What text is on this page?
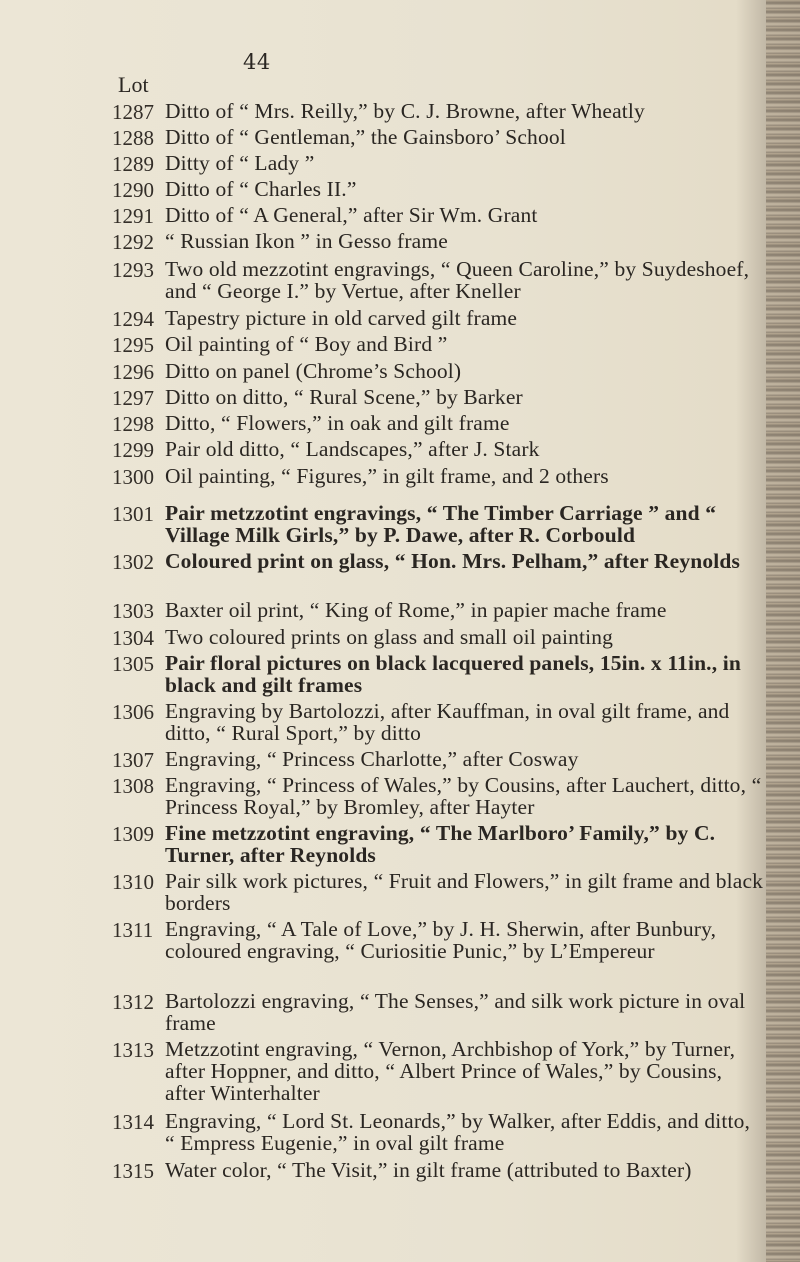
44
Lot
1287 Ditto of “ Mrs. Reilly,” by C. J. Browne, after Wheatly
1288 Ditto of “ Gentleman,” the Gainsboro’ School
1289 Ditty of “ Lady ”
1290 Ditto of “ Charles II.”
1291 Ditto of “ A General,” after Sir Wm. Grant
1292 “ Russian Ikon ” in Gesso frame
1293 Two old mezzotint engravings, “ Queen Caroline,” by Suydeshoef, and “ George I.” by Vertue, after Kneller
1294 Tapestry picture in old carved gilt frame
1295 Oil painting of “ Boy and Bird ”
1296 Ditto on panel (Chrome’s School)
1297 Ditto on ditto, “ Rural Scene,” by Barker
1298 Ditto, “ Flowers,” in oak and gilt frame
1299 Pair old ditto, “ Landscapes,” after J. Stark
1300 Oil painting, “ Figures,” in gilt frame, and 2 others
1301 Pair metzzotint engravings, “ The Timber Carriage ” and “ Village Milk Girls,” by P. Dawe, after R. Corbould
1302 Coloured print on glass, “ Hon. Mrs. Pelham,” after Reynolds
1303 Baxter oil print, “ King of Rome,” in papier mache frame
1304 Two coloured prints on glass and small oil painting
1305 Pair floral pictures on black lacquered panels, 15in. x 11in., in black and gilt frames
1306 Engraving by Bartolozzi, after Kauffman, in oval gilt frame, and ditto, “ Rural Sport,” by ditto
1307 Engraving, “ Princess Charlotte,” after Cosway
1308 Engraving, “ Princess of Wales,” by Cousins, after Lauchert, ditto, “ Princess Royal,” by Bromley, after Hayter
1309 Fine metzzotint engraving, “ The Marlboro’ Family,” by C. Turner, after Reynolds
1310 Pair silk work pictures, “ Fruit and Flowers,” in gilt frame and black borders
1311 Engraving, “ A Tale of Love,” by J. H. Sherwin, after Bunbury, coloured engraving, “ Curiositie Punic,” by L’Empereur
1312 Bartolozzi engraving, “ The Senses,” and silk work picture in oval frame
1313 Metzzotint engraving, “ Vernon, Archbishop of York,” by Turner, after Hoppner, and ditto, “ Albert Prince of Wales,” by Cousins, after Winterhalter
1314 Engraving, “ Lord St. Leonards,” by Walker, after Eddis, and ditto, “ Empress Eugenie,” in oval gilt frame
1315 Water color, “ The Visit,” in gilt frame (attributed to Baxter)
